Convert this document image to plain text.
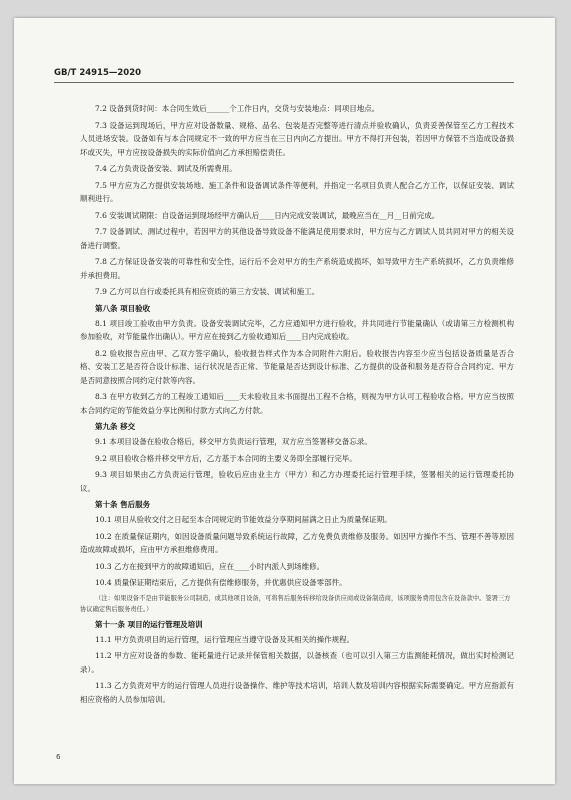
GB/T 24915—2020

7.2 设备到货时间：本合同生效后______个工作日内，交货与安装地点：同项目地点。

7.3 设备运到现场后，甲方应对设备数量、规格、品名、包装是否完整等进行清点并验收确认，负责妥善保管至乙方工程技术人员进场安装。设备如有与本合同规定不一致的甲方应当在三日内向乙方提出。甲方不得打开包装，若因甲方保管不当造成设备损坏或灭失，甲方应按设备损失的实际价值向乙方承担赔偿责任。

7.4 乙方负责设备安装、调试及所需费用。

7.5 甲方应为乙方提供安装场地、施工条件和设备调试条件等便利，并指定一名项目负责人配合乙方工作，以保证安装、调试顺利进行。

7.6 安装调试期限：自设备运到现场经甲方确认后____日内完成安装调试，最晚应当在__月__日前完成。

7.7 设备调试、测试过程中，若因甲方的其他设备导致设备不能满足使用要求时，甲方应与乙方调试人员共同对甲方的相关设备进行调整。

7.8 乙方保证设备安装的可靠性和安全性，运行后不会对甲方的生产系统造成损坏，如导致甲方生产系统损坏，乙方负责维修并承担费用。

7.9 乙方可以自行或委托具有相应资质的第三方安装、调试和施工。

第八条 项目验收

8.1 项目竣工验收由甲方负责。设备安装调试完毕，乙方应通知甲方进行验收，并共同进行节能量确认（或请第三方检测机构参加验收，对节能量作出确认）。甲方应在接到乙方验收通知后____日内完成验收。

8.2 验收报告应由甲、乙双方签字确认，验收报告样式作为本合同附件六附后。验收报告内容至少应当包括设备质量是否合格、安装工艺是否符合设计标准、运行状况是否正常、节能量是否达到设计标准、乙方提供的设备和服务是否符合合同约定、甲方是否同意按照合同约定付款等内容。

8.3 在甲方收到乙方的工程竣工通知后____天未验收且未书面提出工程不合格，则视为甲方认可工程验收合格。甲方应当按照本合同约定的节能效益分享比例和付款方式向乙方付款。

第九条 移交

9.1 本项目设备在验收合格后，移交甲方负责运行管理，双方应当签署移交备忘录。

9.2 项目验收合格并移交甲方后，乙方基于本合同的主要义务即全部履行完毕。

9.3 项目如果由乙方负责运行管理，验收后应由业主方（甲方）和乙方办理委托运行管理手续，签署相关的运行管理委托协议。

第十条 售后服务

10.1 项目从验收交付之日起至本合同规定的节能效益分享期间届满之日止为质量保证期。

10.2 在质量保证期内，如因设备质量问题导致系统运行故障，乙方免费负责维修及服务。如因甲方操作不当、管理不善等原因造成故障或损坏，应由甲方承担维修费用。

10.3 乙方在接到甲方的故障通知后，应在____小时内派人到场维修。

10.4 质量保证期结束后，乙方提供有偿维修服务，并优惠供应设备零部件。

（注：如果设备不是由节能服务公司制造，或其他项目设备，可将售后服务转移给设备供应商或设备制造商，该项服务费用包含在设备款中。签署三方协议确定售后服务责任。）

第十一条 项目的运行管理及培训

11.1 甲方负责项目的运行管理，运行管理应当遵守设备及其相关的操作规程。

11.2 甲方应对设备的参数、能耗量进行记录并保管相关数据，以备核查（也可以引入第三方监测能耗情况，做出实时检测记录）。

11.3 乙方负责对甲方的运行管理人员进行设备操作、维护等技术培训，培训人数及培训内容根据实际需要确定。甲方应指派有相应资格的人员参加培训。

6
